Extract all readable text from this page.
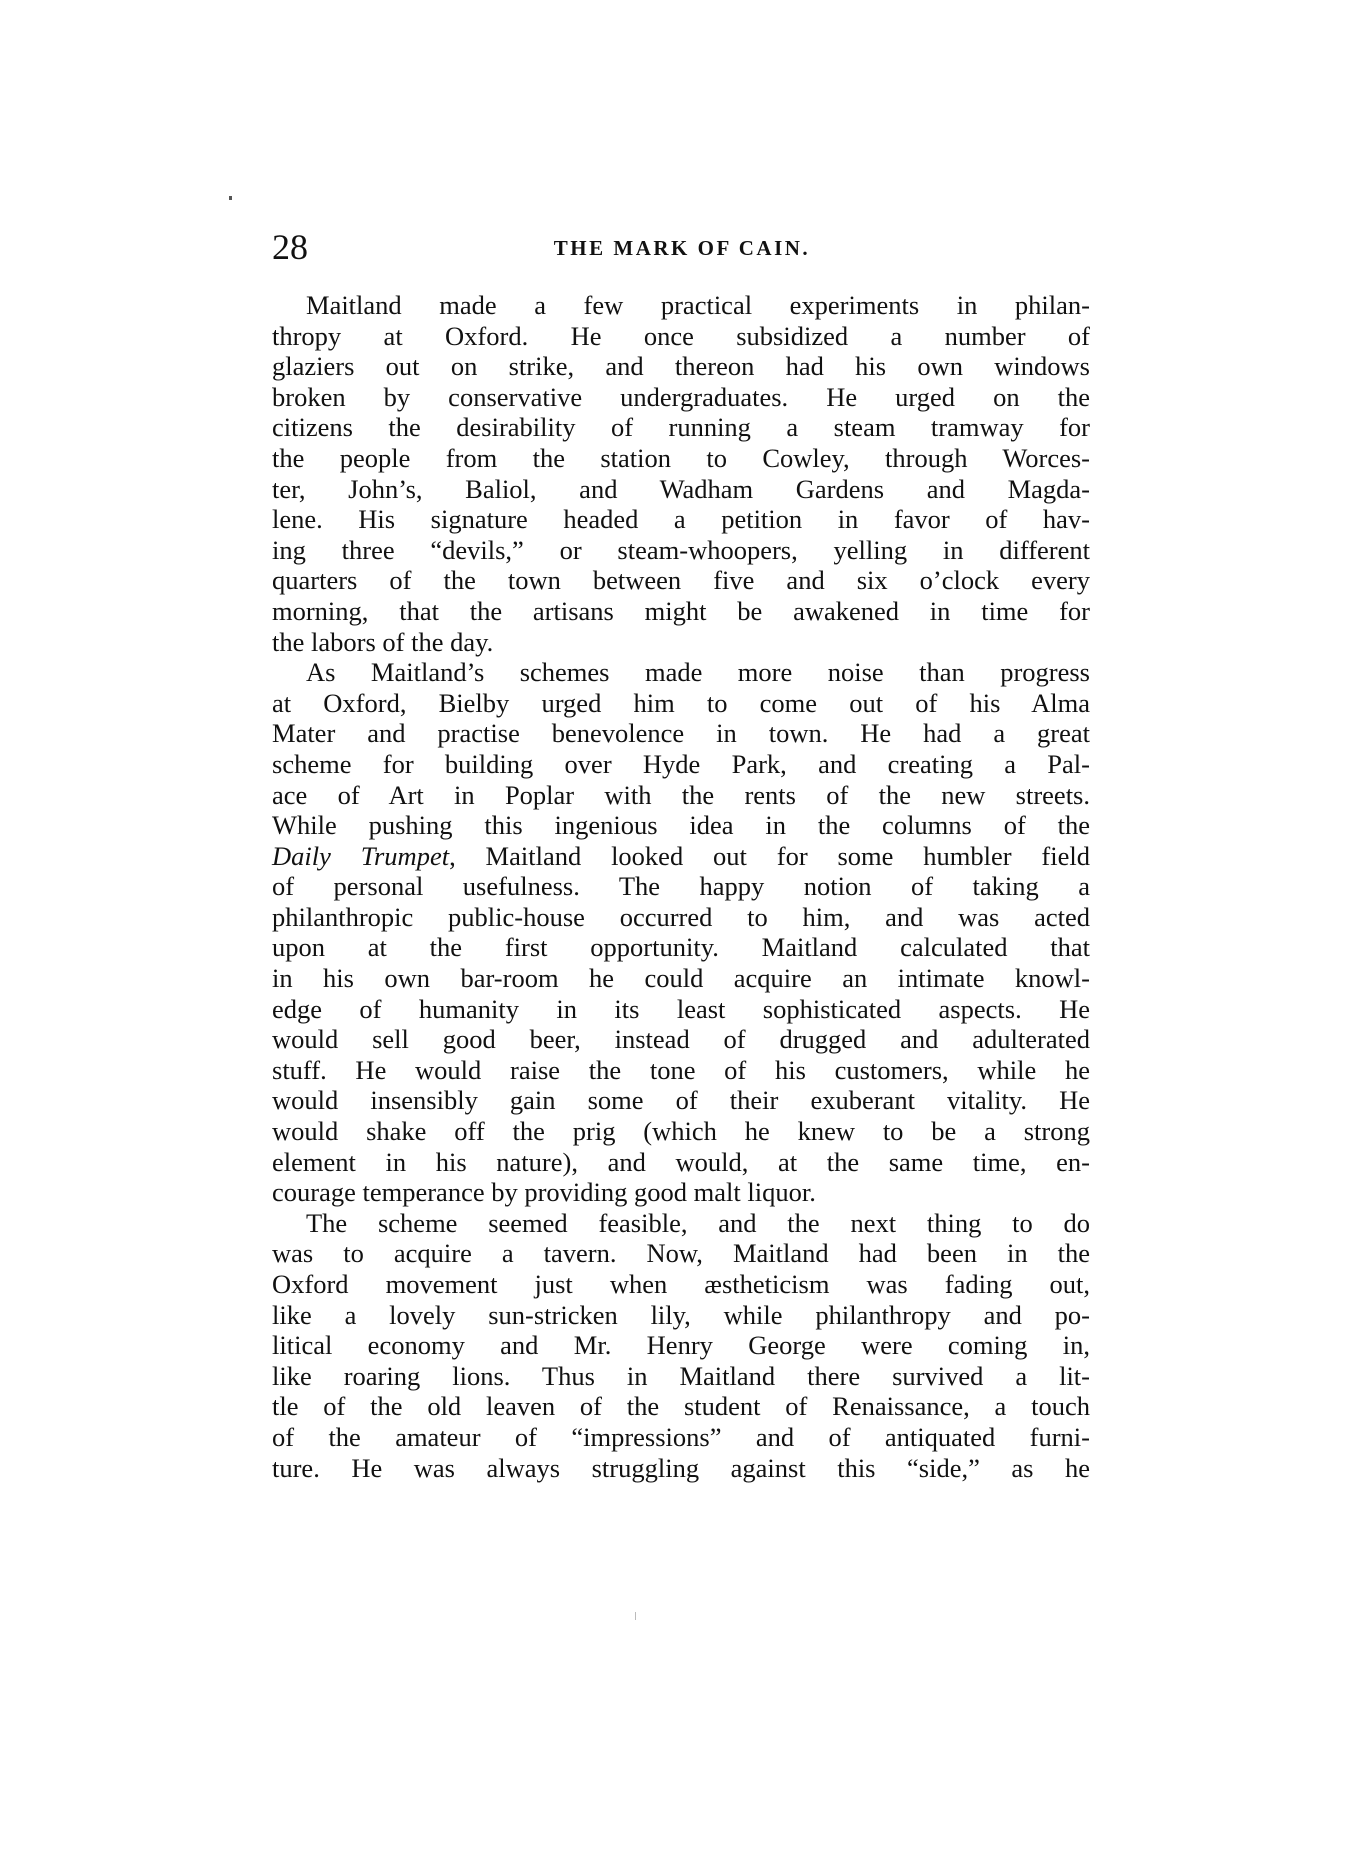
28	THE MARK OF CAIN.
Maitland made a few practical experiments in philan-
thropy at Oxford. He once subsidized a number of
glaziers out on strike, and thereon had his own windows
broken by conservative undergraduates. He urged on the
citizens the desirability of running a steam tramway for
the people from the station to Cowley, through Worces-
ter, John’s, Baliol, and Wadham Gardens and Magda-
lene. His signature headed a petition in favor of hav-
ing three “devils,” or steam-whoopers, yelling in different
quarters of the town between five and six o’clock every
morning, that the artisans might be awakened in time for
the labors of the day.
As Maitland’s schemes made more noise than progress
at Oxford, Bielby urged him to come out of his Alma
Mater and practise benevolence in town. He had a great
scheme for building over Hyde Park, and creating a Pal-
ace of Art in Poplar with the rents of the new streets.
While pushing this ingenious idea in the columns of the
Daily Trumpet, Maitland looked out for some humbler field
of personal usefulness. The happy notion of taking a
philanthropic public-house occurred to him, and was acted
upon at the first opportunity. Maitland calculated that
in his own bar-room he could acquire an intimate knowl-
edge of humanity in its least sophisticated aspects. He
would sell good beer, instead of drugged and adulterated
stuff. He would raise the tone of his customers, while he
would insensibly gain some of their exuberant vitality. He
would shake off the prig (which he knew to be a strong
element in his nature), and would, at the same time, en-
courage temperance by providing good malt liquor.
The scheme seemed feasible, and the next thing to do
was to acquire a tavern. Now, Maitland had been in the
Oxford movement just when æstheticism was fading out,
like a lovely sun-stricken lily, while philanthropy and po-
litical economy and Mr. Henry George were coming in,
like roaring lions. Thus in Maitland there survived a lit-
tle of the old leaven of the student of Renaissance, a touch
of the amateur of “impressions” and of antiquated furni-
ture. He was always struggling against this “side,” as he
